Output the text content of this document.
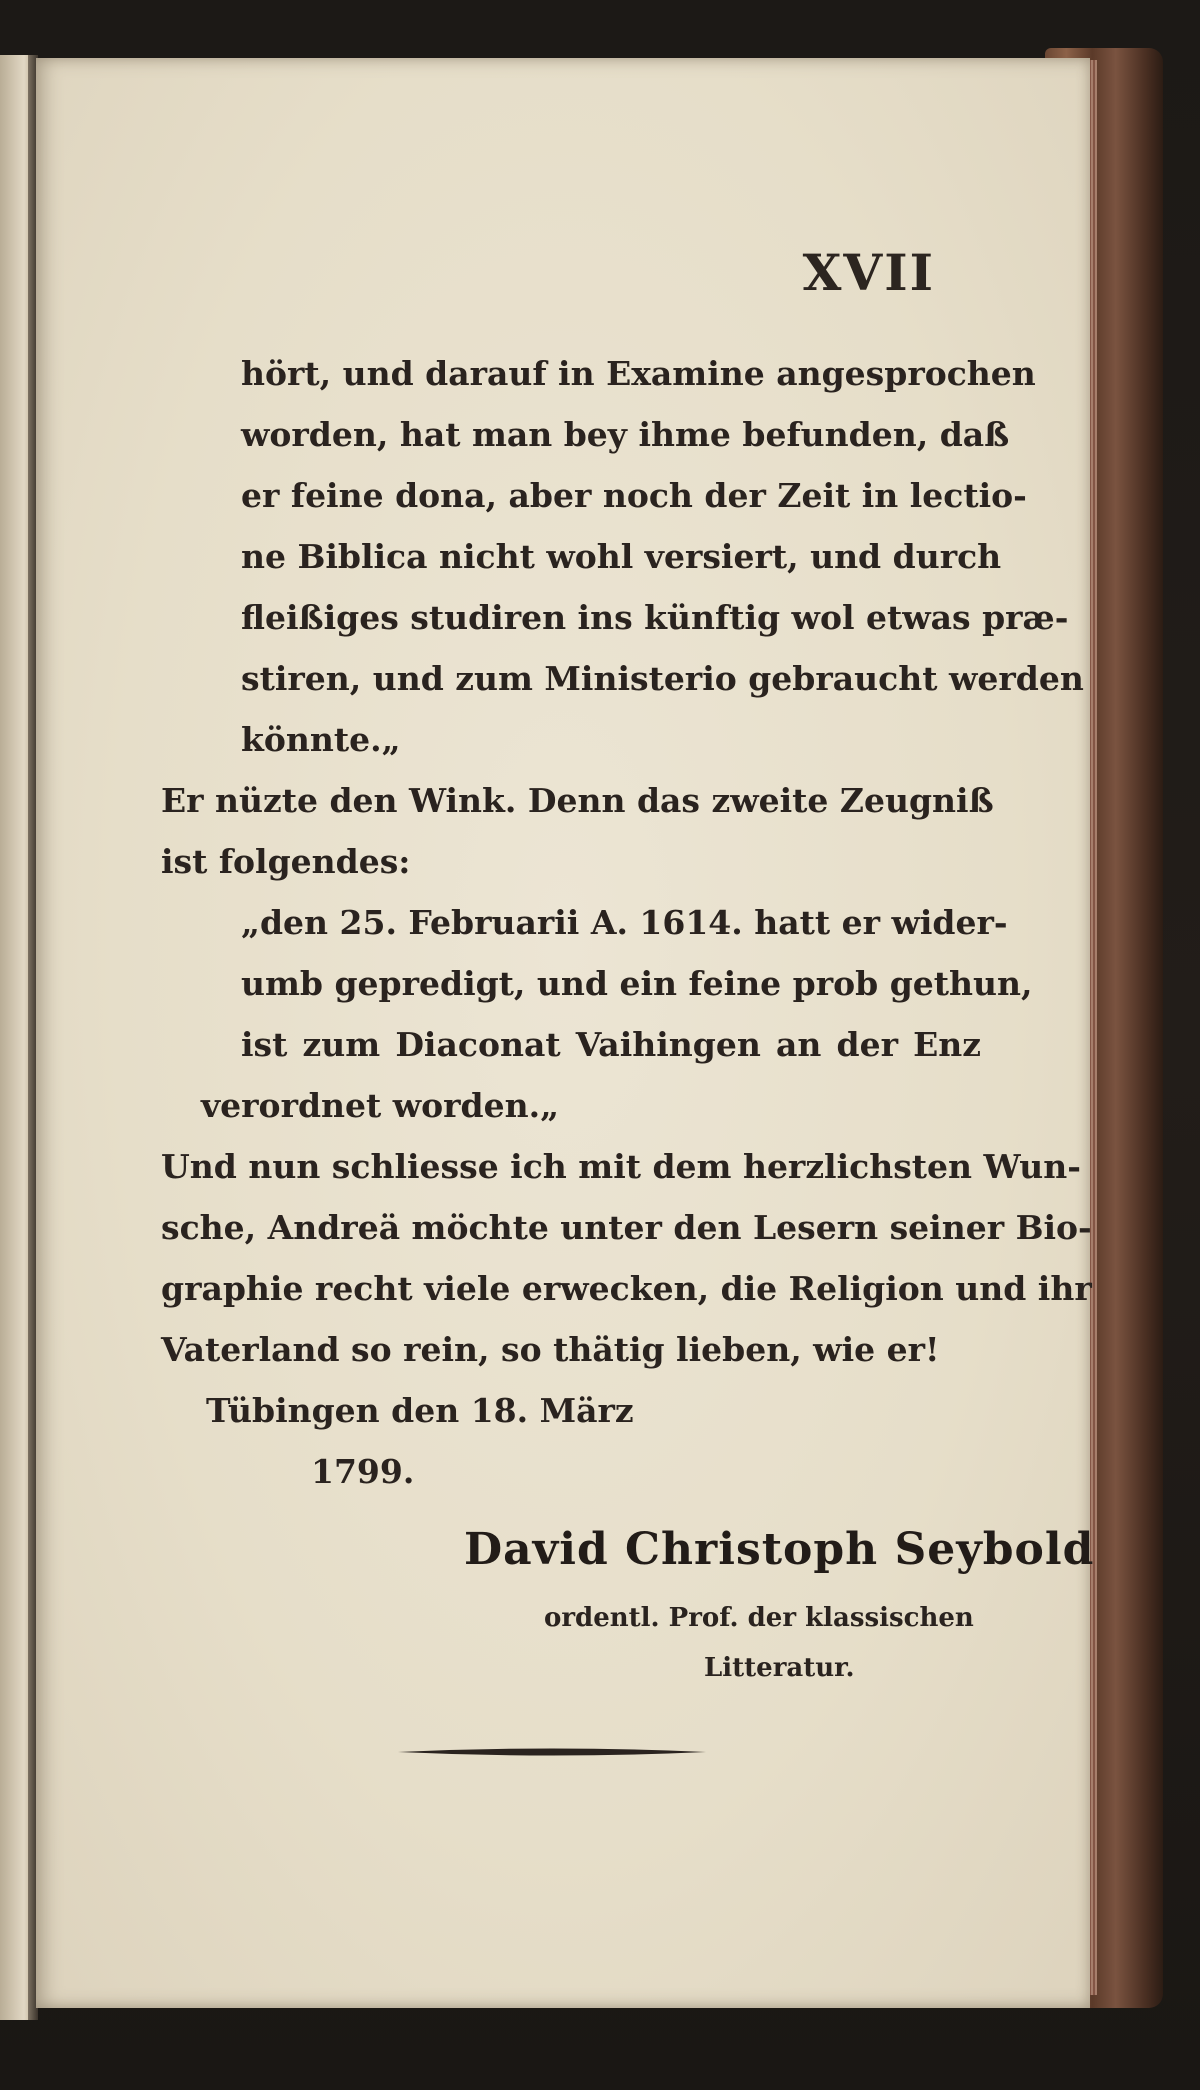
XVII
hört, und darauf in Examine angesprochen
worden, hat man bey ihme befunden, daß
er feine dona, aber noch der Zeit in lectio-
ne Biblica nicht wohl versiert, und durch
fleißiges studiren ins künftig wol etwas præ-
stiren, und zum Ministerio gebraucht werden
könnte.„
Er nüzte den Wink. Denn das zweite Zeugniß
ist folgendes:
„den 25. Februarii A. 1614. hatt er wider-
umb gepredigt, und ein feine prob gethun,
ist zum Diaconat Vaihingen an der Enz
verordnet worden.„
Und nun schliesse ich mit dem herzlichsten Wun-
sche, Andreä möchte unter den Lesern seiner Bio-
graphie recht viele erwecken, die Religion und ihr
Vaterland so rein, so thätig lieben, wie er!
Tübingen den 18. März
1799.
David Christoph Seybold
ordentl. Prof. der klassischen
Litteratur.
